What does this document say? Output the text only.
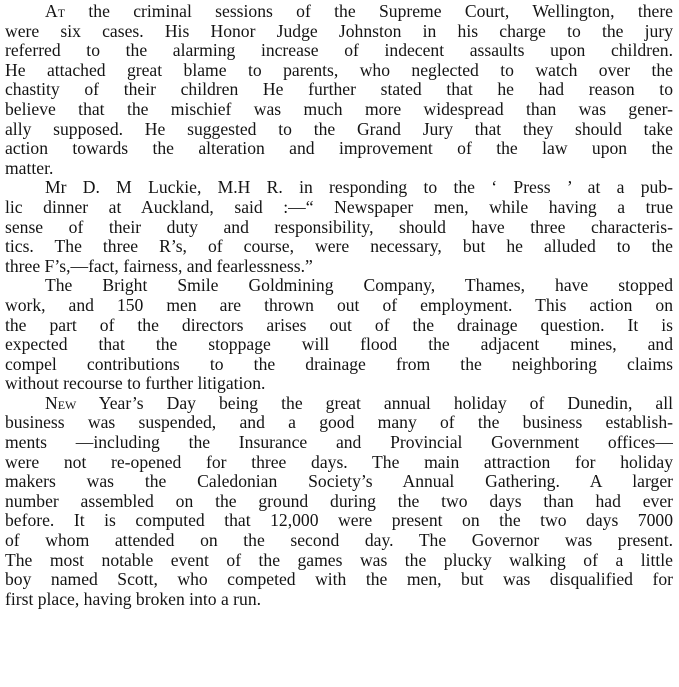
At the criminal sessions of the Supreme Court, Wellington, there
were six cases. His Honor Judge Johnston in his charge to the jury
referred to the alarming increase of indecent assaults upon children.
He attached great blame to parents, who neglected to watch over the
chastity of their children He further stated that he had reason to
believe that the mischief was much more widespread than was gener-
ally supposed. He suggested to the Grand Jury that they should take
action towards the alteration and improvement of the law upon the
matter.
Mr D. M Luckie, M.H R. in responding to the ‘ Press ’ at a pub-
lic dinner at Auckland, said :—“ Newspaper men, while having a true
sense of their duty and responsibility, should have three characteris-
tics. The three R’s, of course, were necessary, but he alluded to the
three F’s,—fact, fairness, and fearlessness.”
The Bright Smile Goldmining Company, Thames, have stopped
work, and 150 men are thrown out of employment. This action on
the part of the directors arises out of the drainage question. It is
expected that the stoppage will flood the adjacent mines, and
compel contributions to the drainage from the neighboring claims
without recourse to further litigation.
New Year’s Day being the great annual holiday of Dunedin, all
business was suspended, and a good many of the business establish-
ments —including the Insurance and Provincial Government offices—
were not re-opened for three days. The main attraction for holiday
makers was the Caledonian Society’s Annual Gathering. A larger
number assembled on the ground during the two days than had ever
before. It is computed that 12,000 were present on the two days 7000
of whom attended on the second day. The Governor was present.
The most notable event of the games was the plucky walking of a little
boy named Scott, who competed with the men, but was disqualified for
first place, having broken into a run.
